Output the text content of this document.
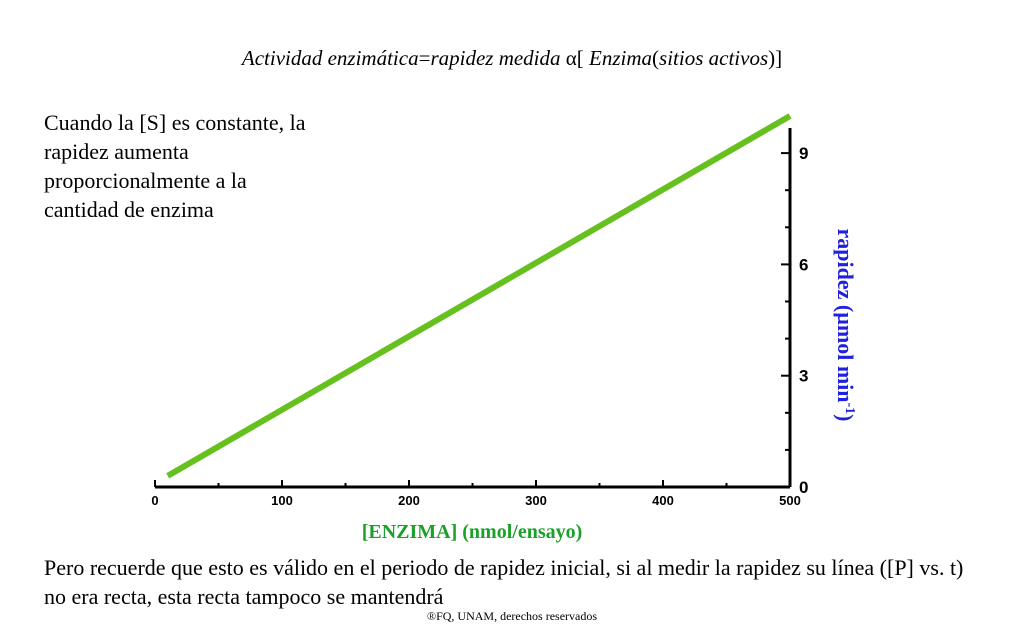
Actividad enzimática=rapidez medida α[ Enzima(sitios activos)]
Cuando la [S] es constante, la rapidez aumenta proporcionalmente a la cantidad de enzima
0	100	200	300	400	500
0
3
6
9
[ENZIMA] (nmol/ensayo)
rapidez (µmol $\min^{-1}$)
Pero recuerde que esto es válido en el periodo de rapidez inicial, si al medir la rapidez su línea ([P] vs. t) no era recta, esta recta tampoco se mantendrá
®FQ, UNAM, derechos reservados
